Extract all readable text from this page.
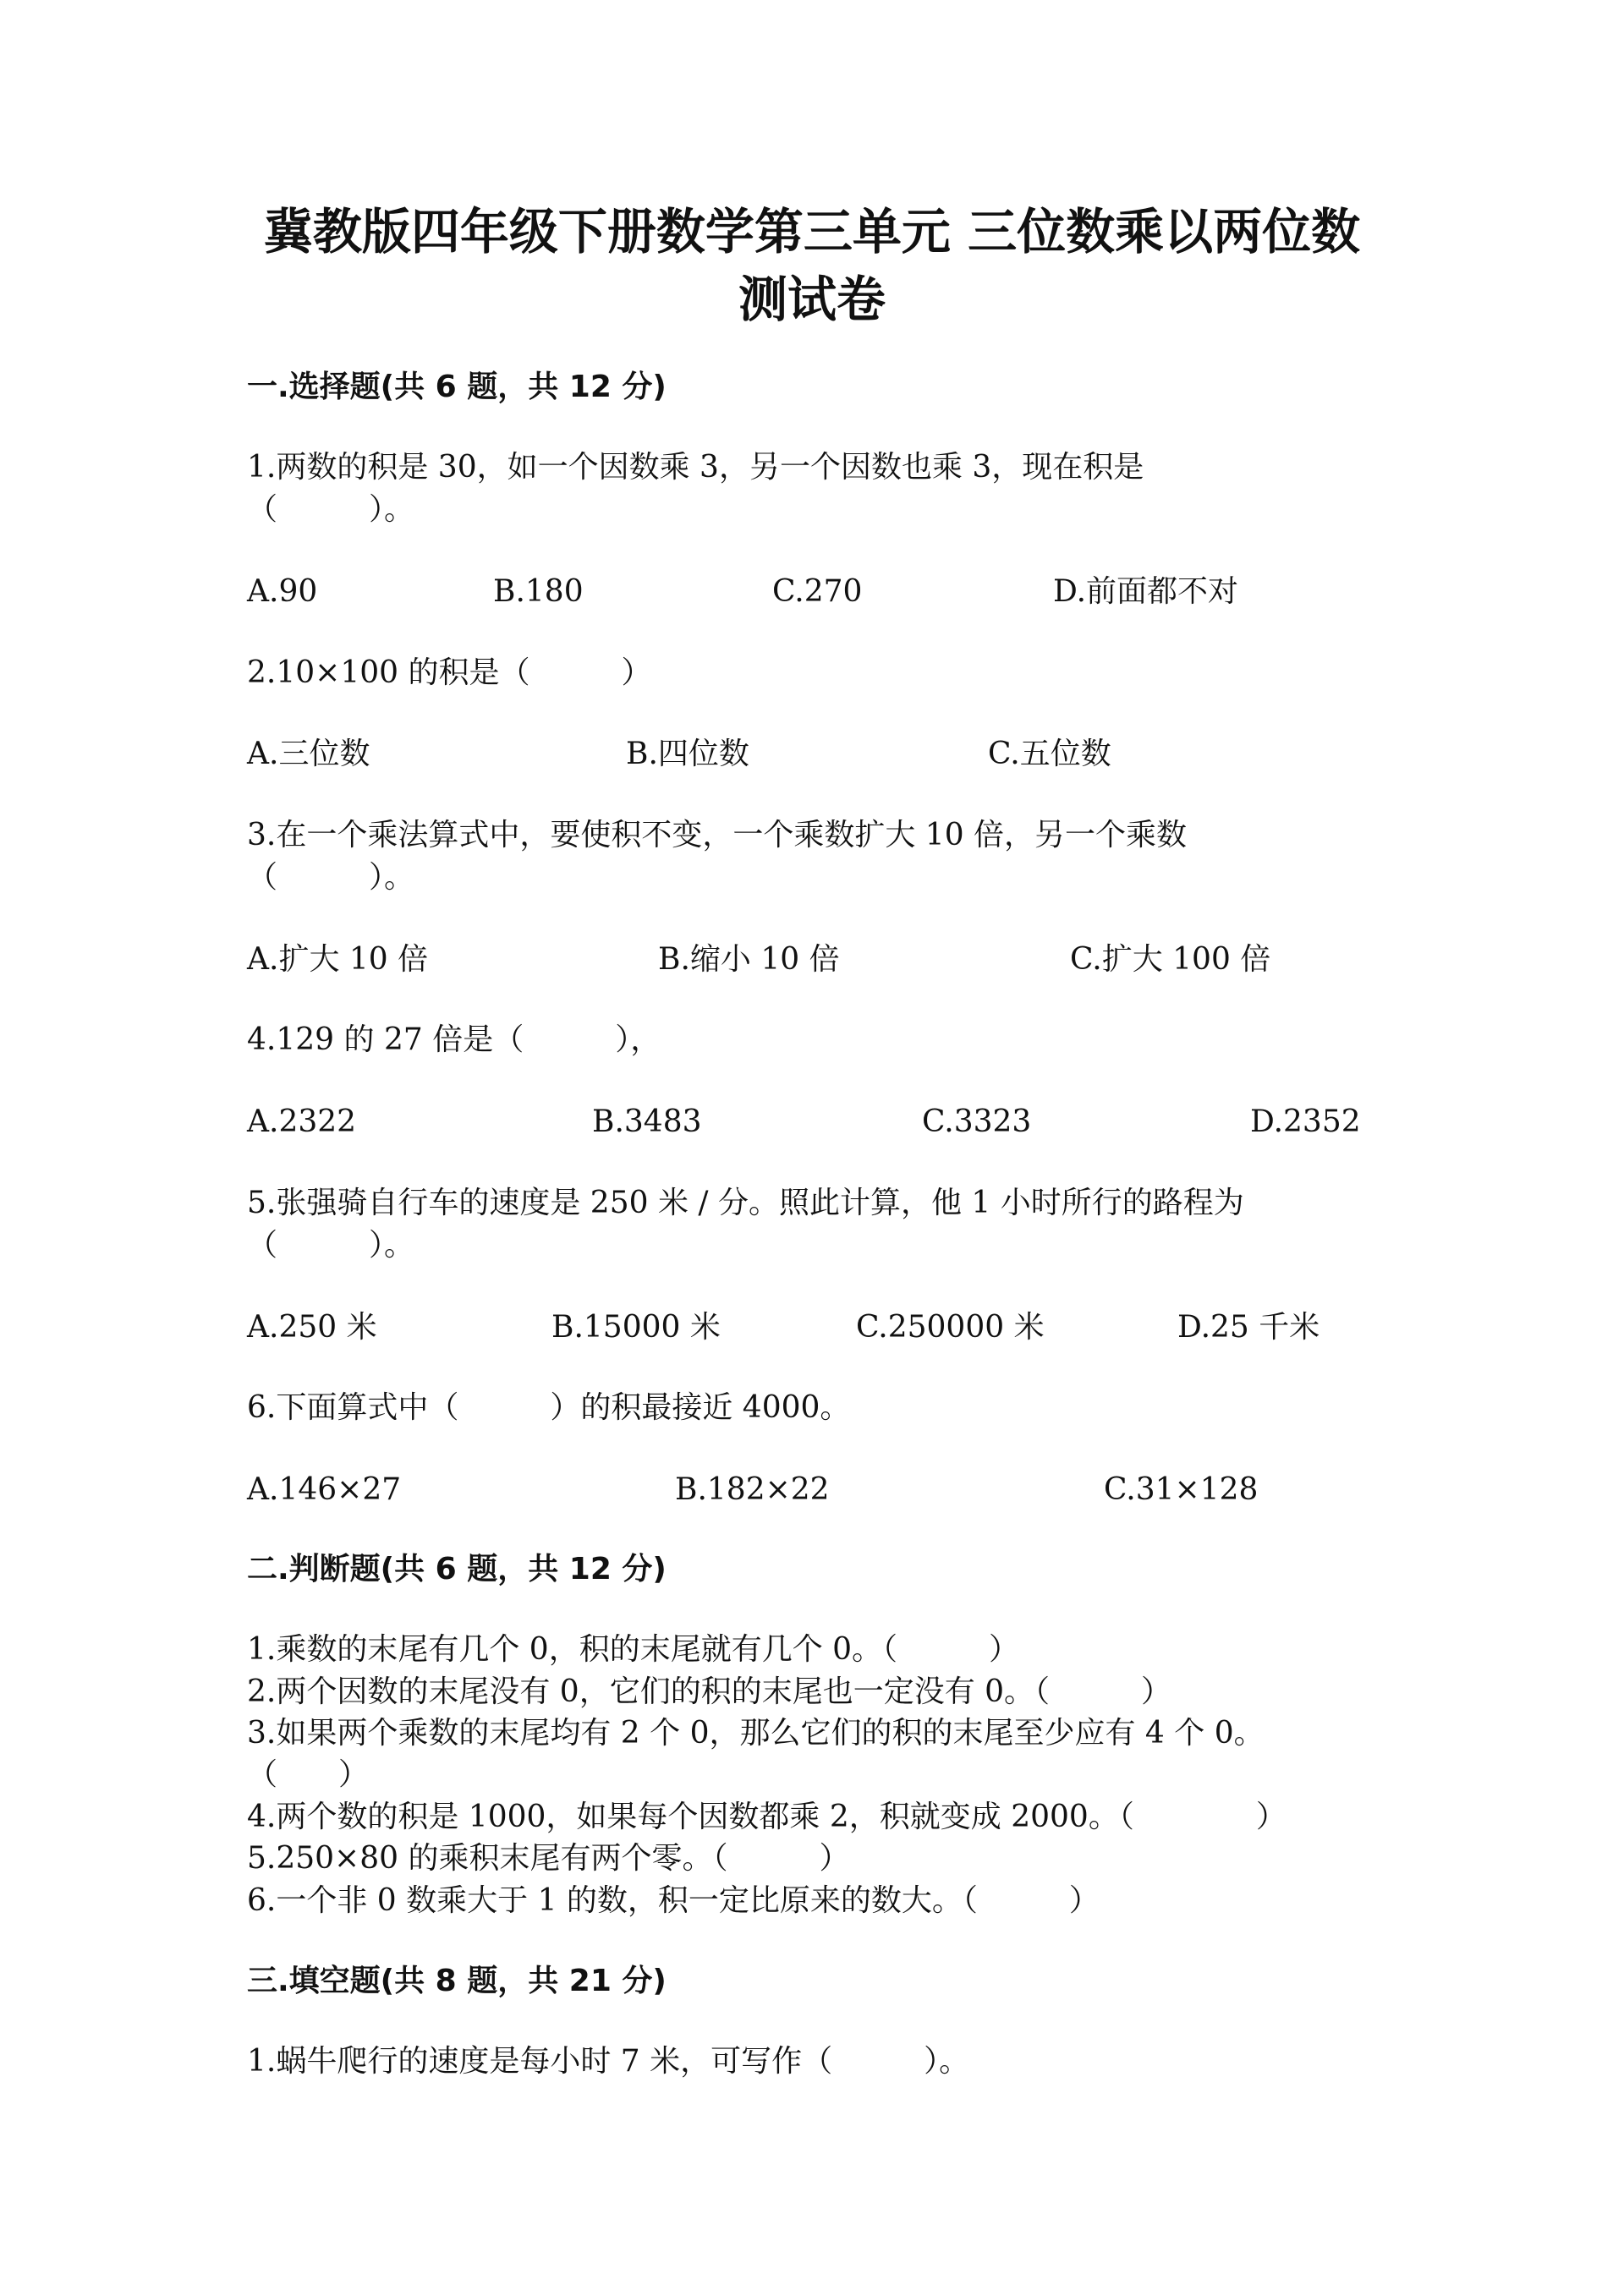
冀教版四年级下册数学第三单元 三位数乘以两位数
测试卷
一.选择题(共 6 题，共 12 分)
1.两数的积是 30，如一个因数乘 3，另一个因数也乘 3，现在积是
（　　　）。
A.90	B.180	C.270	D.前面都不对
2.10×100 的积是（　　　）
A.三位数	B.四位数	C.五位数
3.在一个乘法算式中，要使积不变，一个乘数扩大 10 倍，另一个乘数
（　　　）。
A.扩大 10 倍	B.缩小 10 倍	C.扩大 100 倍
4.129 的 27 倍是（　　　），
A.2322	B.3483	C.3323	D.2352
5.张强骑自行车的速度是 250 米 / 分。照此计算，他 1 小时所行的路程为
（　　　）。
A.250 米	B.15000 米	C.250000 米	D.25 千米
6.下面算式中（　　　）的积最接近 4000。
A.146×27	B.182×22	C.31×128
二.判断题(共 6 题，共 12 分)
1.乘数的末尾有几个 0，积的末尾就有几个 0。（　　　）
2.两个因数的末尾没有 0，它们的积的末尾也一定没有 0。（　　　）
3.如果两个乘数的末尾均有 2 个 0，那么它们的积的末尾至少应有 4 个 0。
（　　）
4.两个数的积是 1000，如果每个因数都乘 2，积就变成 2000。（　　　　）
5.250×80 的乘积末尾有两个零。（　　　）
6.一个非 0 数乘大于 1 的数，积一定比原来的数大。（　　　）
三.填空题(共 8 题，共 21 分)
1.蜗牛爬行的速度是每小时 7 米，可写作（　　　）。
